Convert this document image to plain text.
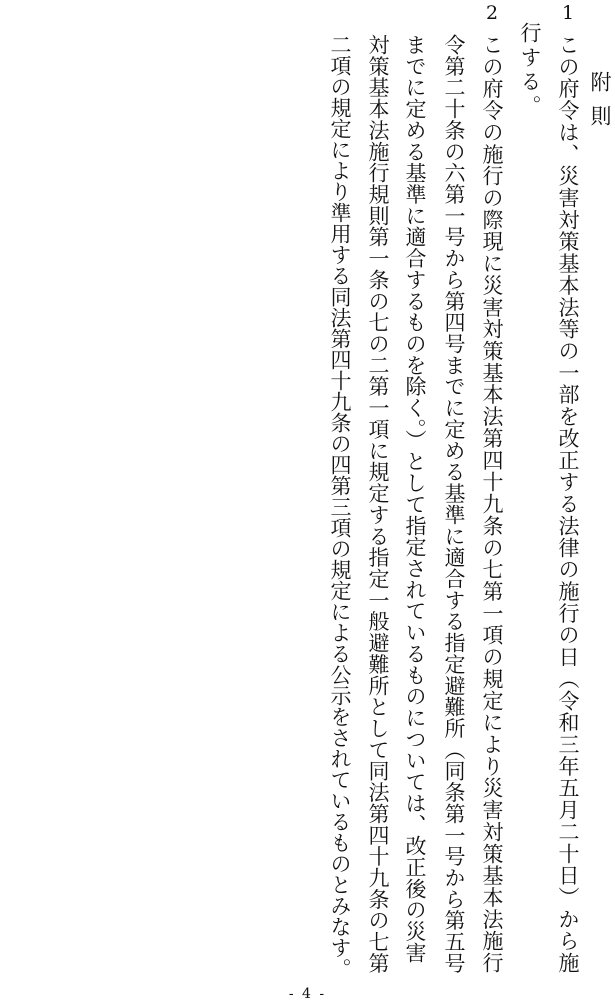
附則
1
2
この府令は、災害対策基本法等の一部を改正する法律の施行の日（令和三年五月二十日）から施
行する。
この府令の施行の際現に災害対策基本法第四十九条の七第一項の規定により災害対策基本法施行
令第二十条の六第一号から第四号までに定める基準に適合する指定避難所（同条第一号から第五号
までに定める基準に適合するものを除く。）として指定されているものについては、改正後の災害
対策基本法施行規則第一条の七の二第一項に規定する指定一般避難所として同法第四十九条の七第
二項の規定により準用する同法第四十九条の四第三項の規定による公示をされているものとみなす。
- 4 -
